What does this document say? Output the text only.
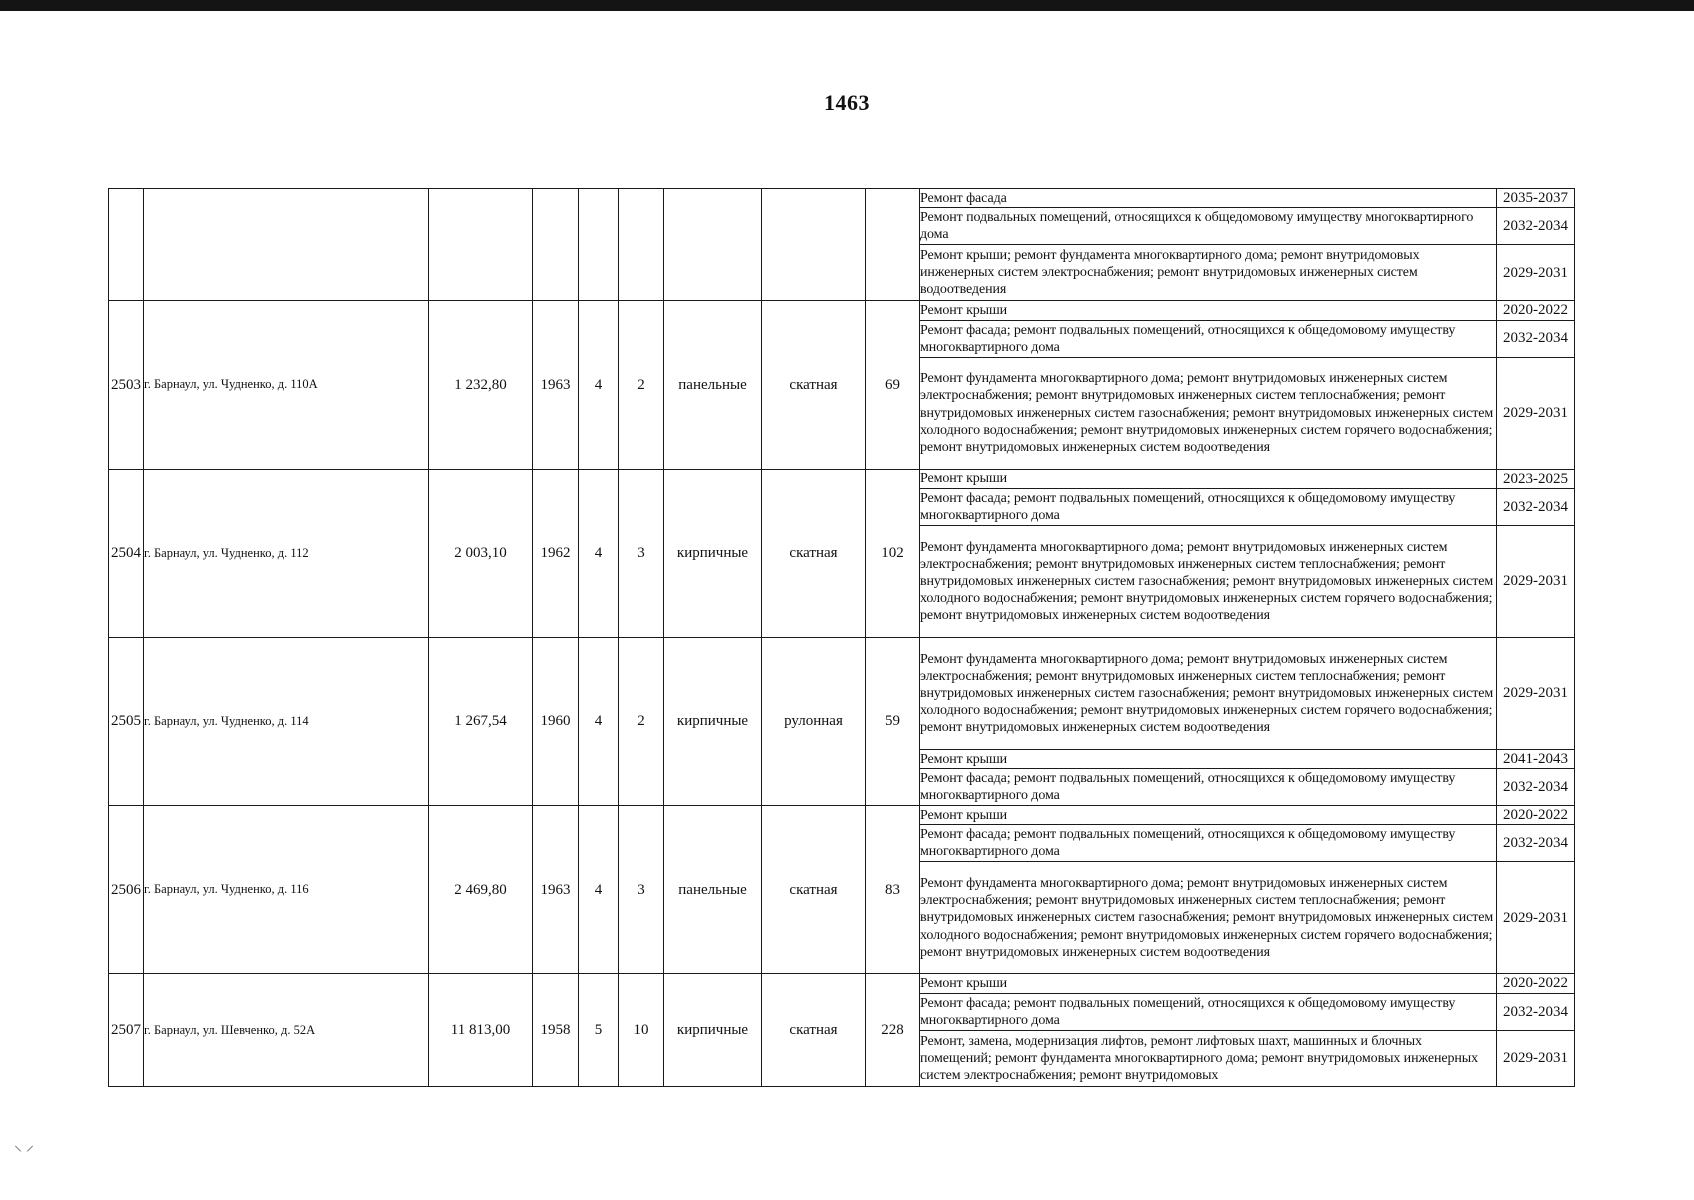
1463
									Ремонт фасада	2035-2037
									Ремонт подвальных помещений, относящихся к общедомовому имуществу многоквартирного дома	2032-2034
									Ремонт крыши; ремонт фундамента многоквартирного дома; ремонт внутридомовых инженерных систем электроснабжения; ремонт внутридомовых инженерных систем водоотведения	2029-2031
2503	г. Барнаул, ул. Чудненко, д. 110А	1 232,80	1963	4	2	панельные	скатная	69	Ремонт крыши	2020-2022
									Ремонт фасада; ремонт подвальных помещений, относящихся к общедомовому имуществу многоквартирного дома	2032-2034
									Ремонт фундамента многоквартирного дома; ремонт внутридомовых инженерных систем электроснабжения; ремонт внутридомовых инженерных систем теплоснабжения; ремонт внутридомовых инженерных систем газоснабжения; ремонт внутридомовых инженерных систем холодного водоснабжения; ремонт внутридомовых инженерных систем горячего водоснабжения; ремонт внутридомовых инженерных систем водоотведения	2029-2031
2504	г. Барнаул, ул. Чудненко, д. 112	2 003,10	1962	4	3	кирпичные	скатная	102	Ремонт крыши	2023-2025
									Ремонт фасада; ремонт подвальных помещений, относящихся к общедомовому имуществу многоквартирного дома	2032-2034
									Ремонт фундамента многоквартирного дома; ремонт внутридомовых инженерных систем электроснабжения; ремонт внутридомовых инженерных систем теплоснабжения; ремонт внутридомовых инженерных систем газоснабжения; ремонт внутридомовых инженерных систем холодного водоснабжения; ремонт внутридомовых инженерных систем горячего водоснабжения; ремонт внутридомовых инженерных систем водоотведения	2029-2031
2505	г. Барнаул, ул. Чудненко, д. 114	1 267,54	1960	4	2	кирпичные	рулонная	59	Ремонт фундамента многоквартирного дома; ремонт внутридомовых инженерных систем электроснабжения; ремонт внутридомовых инженерных систем теплоснабжения; ремонт внутридомовых инженерных систем газоснабжения; ремонт внутридомовых инженерных систем холодного водоснабжения; ремонт внутридомовых инженерных систем горячего водоснабжения; ремонт внутридомовых инженерных систем водоотведения	2029-2031
									Ремонт крыши	2041-2043
									Ремонт фасада; ремонт подвальных помещений, относящихся к общедомовому имуществу многоквартирного дома	2032-2034
2506	г. Барнаул, ул. Чудненко, д. 116	2 469,80	1963	4	3	панельные	скатная	83	Ремонт крыши	2020-2022
									Ремонт фасада; ремонт подвальных помещений, относящихся к общедомовому имуществу многоквартирного дома	2032-2034
									Ремонт фундамента многоквартирного дома; ремонт внутридомовых инженерных систем электроснабжения; ремонт внутридомовых инженерных систем теплоснабжения; ремонт внутридомовых инженерных систем газоснабжения; ремонт внутридомовых инженерных систем холодного водоснабжения; ремонт внутридомовых инженерных систем горячего водоснабжения; ремонт внутридомовых инженерных систем водоотведения	2029-2031
2507	г. Барнаул, ул. Шевченко, д. 52А	11 813,00	1958	5	10	кирпичные	скатная	228	Ремонт крыши	2020-2022
									Ремонт фасада; ремонт подвальных помещений, относящихся к общедомовому имуществу многоквартирного дома	2032-2034
									Ремонт, замена, модернизация лифтов, ремонт лифтовых шахт, машинных и блочных помещений; ремонт фундамента многоквартирного дома; ремонт внутридомовых инженерных систем электроснабжения; ремонт внутридомовых	2029-2031
⸌ ⸍
